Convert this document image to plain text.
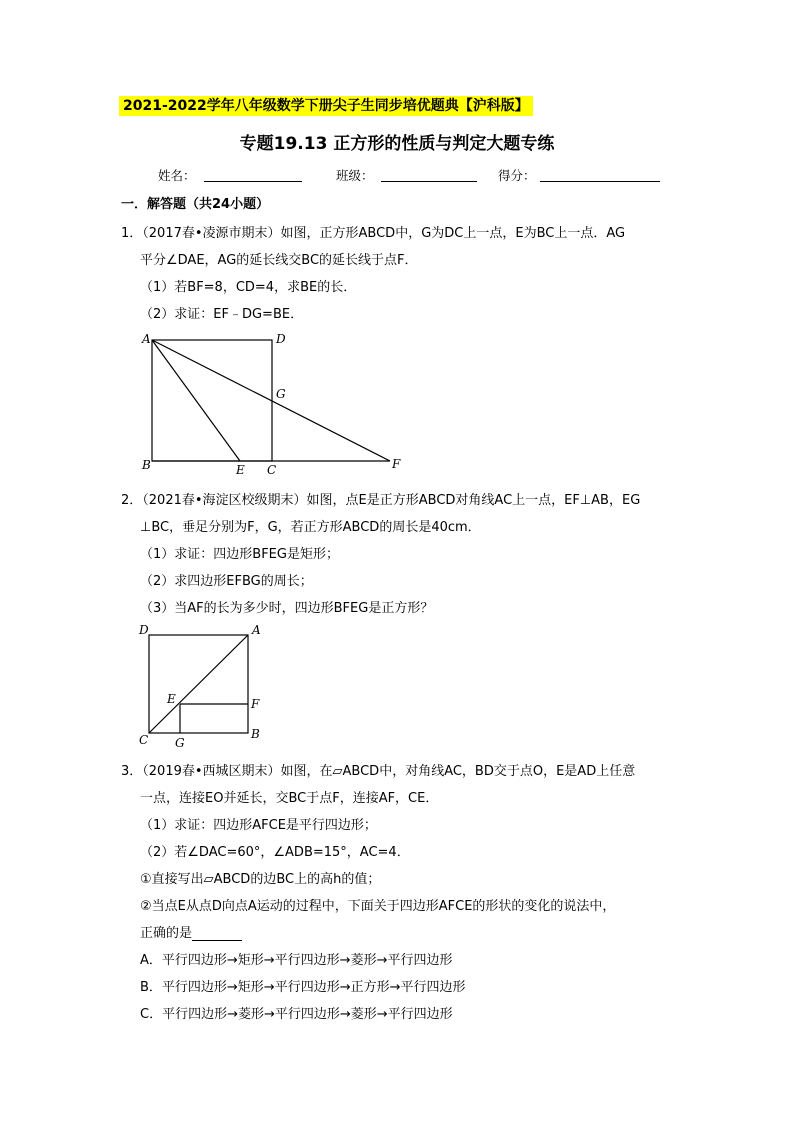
2021-2022学年八年级数学下册尖子生同步培优题典【沪科版】
专题19.13 正方形的性质与判定大题专练
姓名：	班级：	得分：
一．解答题（共24小题）
1．（2017春•凌源市期末）如图，正方形ABCD中，G为DC上一点，E为BC上一点．AG
平分∠DAE，AG的延长线交BC的延长线于点F．
（1）若BF=8，CD=4，求BE的长．
（2）求证：EF﹣DG=BE．
A	D
G
B	E C	F
2．（2021春•海淀区校级期末）如图，点E是正方形ABCD对角线AC上一点，EF⊥AB，EG
⊥BC，垂足分别为F，G，若正方形ABCD的周长是40cm．
（1）求证：四边形BFEG是矩形；
（2）求四边形EFBG的周长；
（3）当AF的长为多少时，四边形BFEG是正方形？
D	A
E	F
C G
B
3．（2019春•西城区期末）如图，在▱ABCD中，对角线AC，BD交于点O，E是AD上任意
一点，连接EO并延长，交BC于点F，连接AF，CE．
（1）求证：四边形AFCE是平行四边形；
（2）若∠DAC=60°，∠ADB=15°，AC=4．
①直接写出▱ABCD的边BC上的高h的值；
②当点E从点D向点A运动的过程中，下面关于四边形AFCE的形状的变化的说法中，
正确的是
A．平行四边形→矩形→平行四边形→菱形→平行四边形
B．平行四边形→矩形→平行四边形→正方形→平行四边形
C．平行四边形→菱形→平行四边形→菱形→平行四边形
